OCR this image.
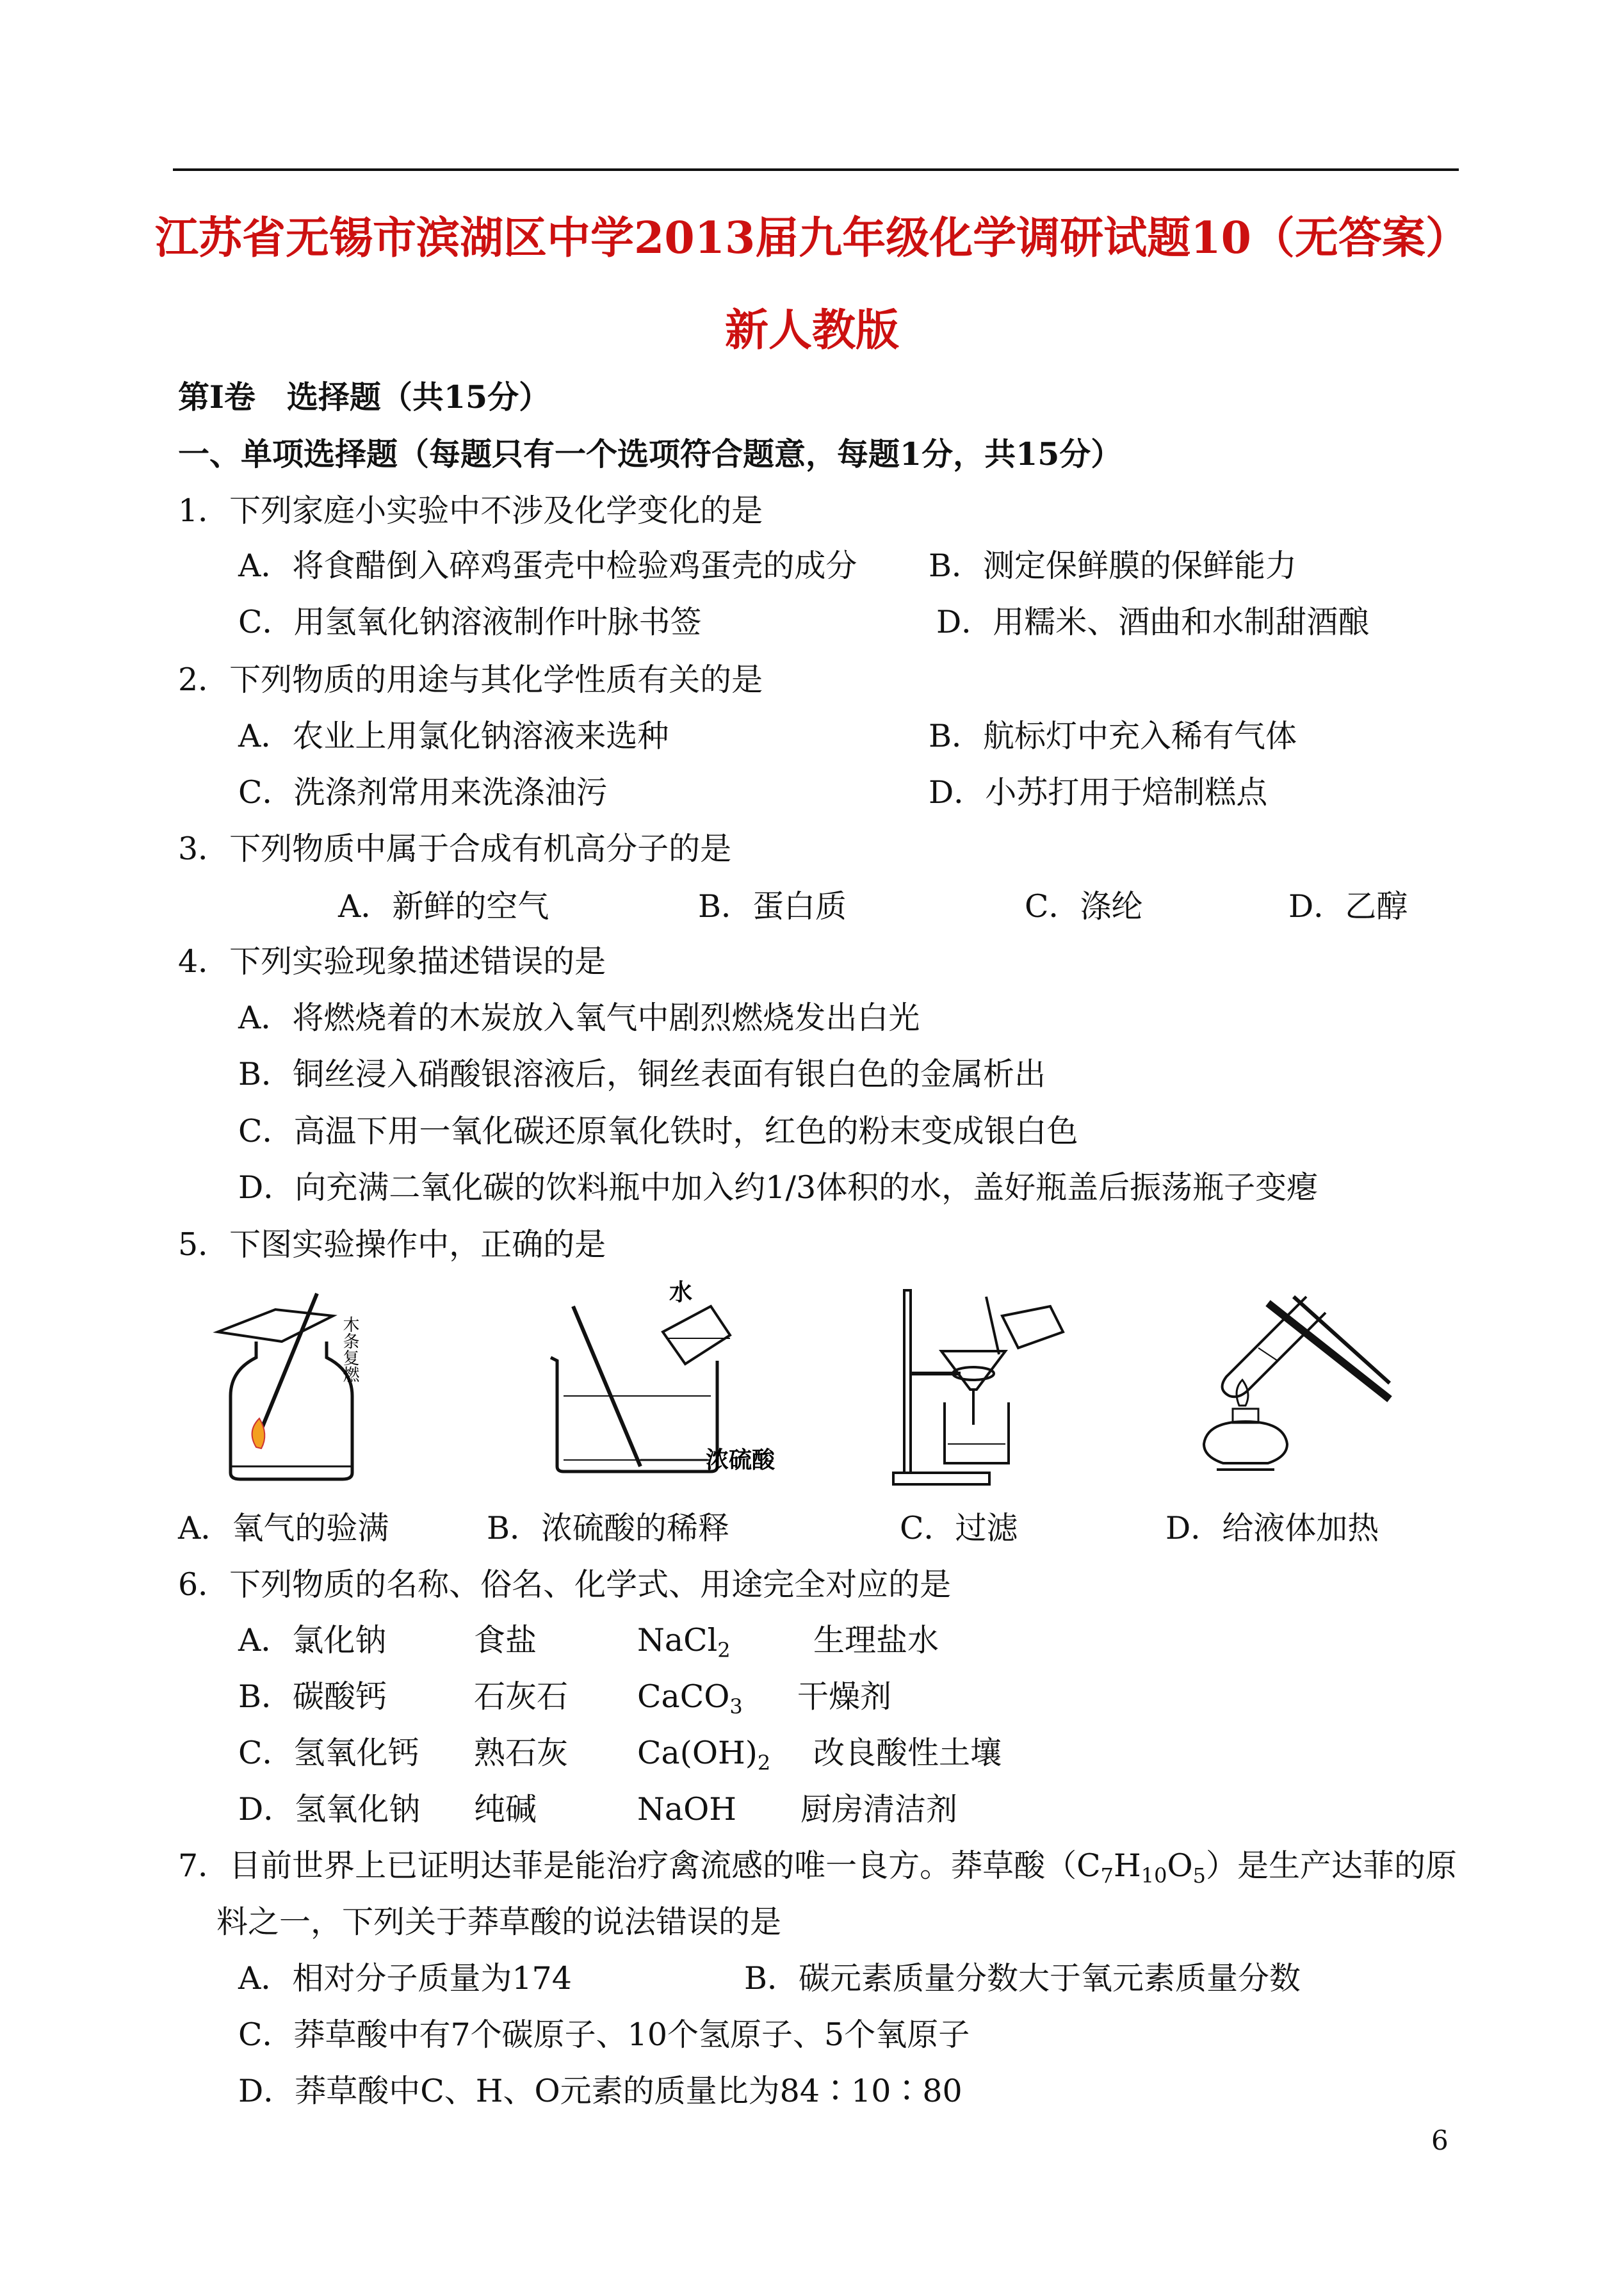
江苏省无锡市滨湖区中学2013届九年级化学调研试题10（无答案）
新人教版
第Ⅰ卷　选择题（共15分）
一、单项选择题（每题只有一个选项符合题意，每题1分，共15分）
1．下列家庭小实验中不涉及化学变化的是
A．将食醋倒入碎鸡蛋壳中检验鸡蛋壳的成分 B．测定保鲜膜的保鲜能力
C．用氢氧化钠溶液制作叶脉书签	D．用糯米、酒曲和水制甜酒酿
2．下列物质的用途与其化学性质有关的是
A．农业上用氯化钠溶液来选种	B．航标灯中充入稀有气体
C．洗涤剂常用来洗涤油污	D．小苏打用于焙制糕点
3．下列物质中属于合成有机高分子的是
A．新鲜的空气	B．蛋白质	C．涤纶	D．乙醇
4．下列实验现象描述错误的是
A．将燃烧着的木炭放入氧气中剧烈燃烧发出白光
B．铜丝浸入硝酸银溶液后，铜丝表面有银白色的金属析出
C．高温下用一氧化碳还原氧化铁时，红色的粉末变成银白色
D．向充满二氧化碳的饮料瓶中加入约1/3体积的水，盖好瓶盖后振荡瓶子变瘪
5．下图实验操作中，正确的是
木条复燃
水
浓硫酸
A．氧气的验满	B．浓硫酸的稀释	C．过滤	D．给液体加热
6．下列物质的名称、俗名、化学式、用途完全对应的是
A．氯化钠	食盐	NaCl$_2$	生理盐水
B．碳酸钙	石灰石 CaCO$_3$ 干燥剂
C．氢氧化钙 熟石灰 $Ca(OH)_2$ 改良酸性土壤
D．氢氧化钠 纯碱	NaOH 厨房清洁剂
7．目前世界上已证明达菲是能治疗禽流感的唯一良方。莽草酸$(C_7H_{10}O_5)$是生产达菲的原
料之一，下列关于莽草酸的说法错误的是
A．相对分子质量为174	B．碳元素质量分数大于氧元素质量分数
C．莽草酸中有7个碳原子、10个氢原子、5个氧原子
D．莽草酸中C、H、O元素的质量比为84∶10∶80
6
